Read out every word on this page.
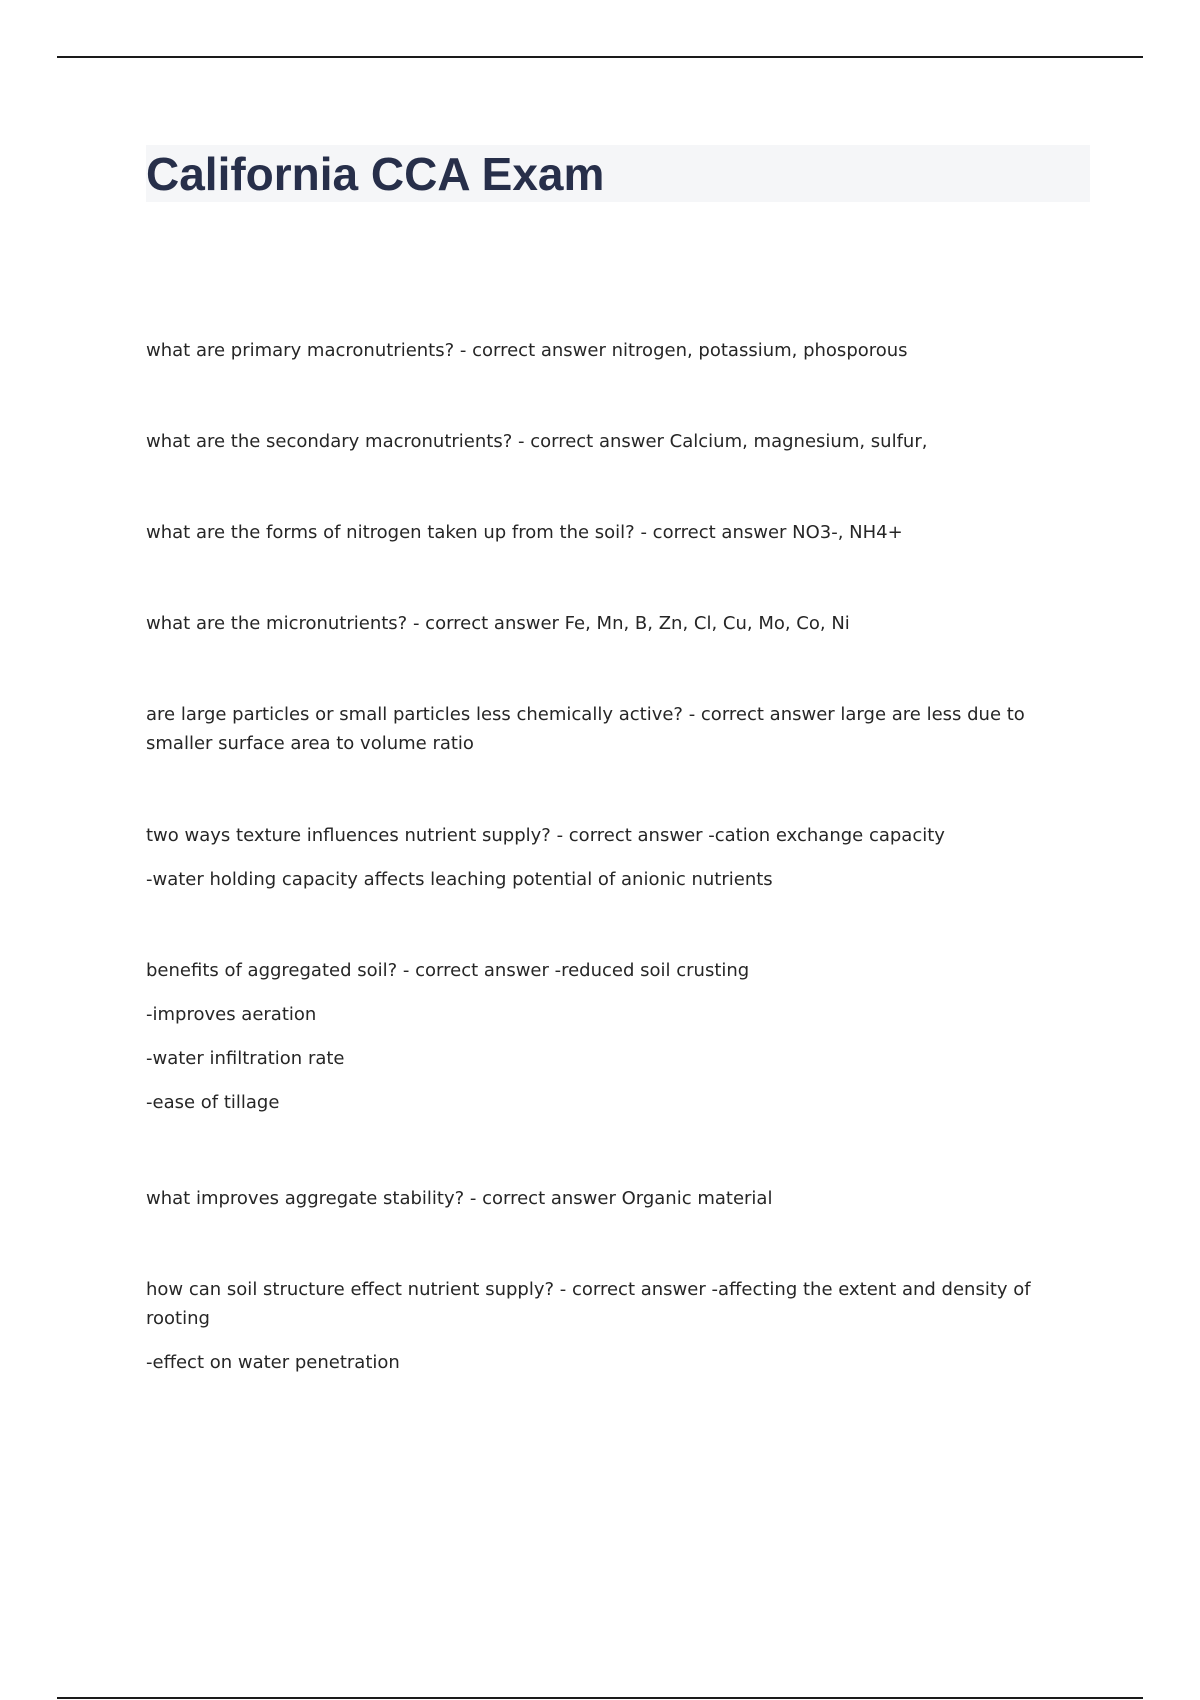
California CCA Exam

what are primary macronutrients? - correct answer nitrogen, potassium, phosporous

what are the secondary macronutrients? - correct answer Calcium, magnesium, sulfur,

what are the forms of nitrogen taken up from the soil? - correct answer NO3-, NH4+

what are the micronutrients? - correct answer Fe, Mn, B, Zn, Cl, Cu, Mo, Co, Ni

are large particles or small particles less chemically active? - correct answer large are less due to smaller surface area to volume ratio

two ways texture influences nutrient supply? - correct answer -cation exchange capacity

-water holding capacity affects leaching potential of anionic nutrients

benefits of aggregated soil? - correct answer -reduced soil crusting

-improves aeration

-water infiltration rate

-ease of tillage

what improves aggregate stability? - correct answer Organic material

how can soil structure effect nutrient supply? - correct answer -affecting the extent and density of rooting

-effect on water penetration
